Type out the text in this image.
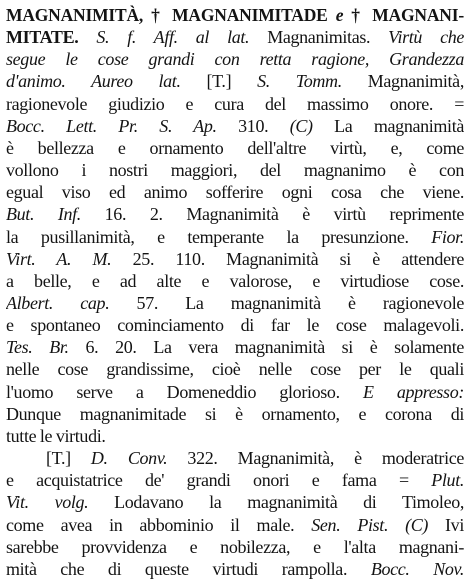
MAGNANIMITÀ, † MAGNANIMITADE e † MAGNANI-
MITATE. S. f. Aff. al lat. Magnanimitas. Virtù che
segue le cose grandi con retta ragione, Grandezza
d'animo. Aureo lat. [T.] S. Tomm. Magnanimità,
ragionevole giudizio e cura del massimo onore. =
Bocc. Lett. Pr. S. Ap. 310. (C) La magnanimità
è bellezza e ornamento dell'altre virtù, e, come
vollono i nostri maggiori, del magnanimo è con
egual viso ed animo sofferire ogni cosa che viene.
But. Inf. 16. 2. Magnanimità è virtù reprimente
la pusillanimità, e temperante la presunzione. Fior.
Virt. A. M. 25. 110. Magnanimità si è attendere
a belle, e ad alte e valorose, e virtudiose cose.
Albert. cap. 57. La magnanimità è ragionevole
e spontaneo cominciamento di far le cose malagevoli.
Tes. Br. 6. 20. La vera magnanimità si è solamente
nelle cose grandissime, cioè nelle cose per le quali
l'uomo serve a Domeneddio glorioso. E appresso:
Dunque magnanimitade si è ornamento, e corona di
tutte le virtudi.
[T.] D. Conv. 322. Magnanimità, è moderatrice
e acquistatrice de' grandi onori e fama = Plut.
Vit. volg. Lodavano la magnanimità di Timoleo,
come avea in abbominio il male. Sen. Pist. (C) Ivi
sarebbe provvidenza e nobilezza, e l'alta magnani-
mità che di queste virtudi rampolla. Bocc. Nov.
